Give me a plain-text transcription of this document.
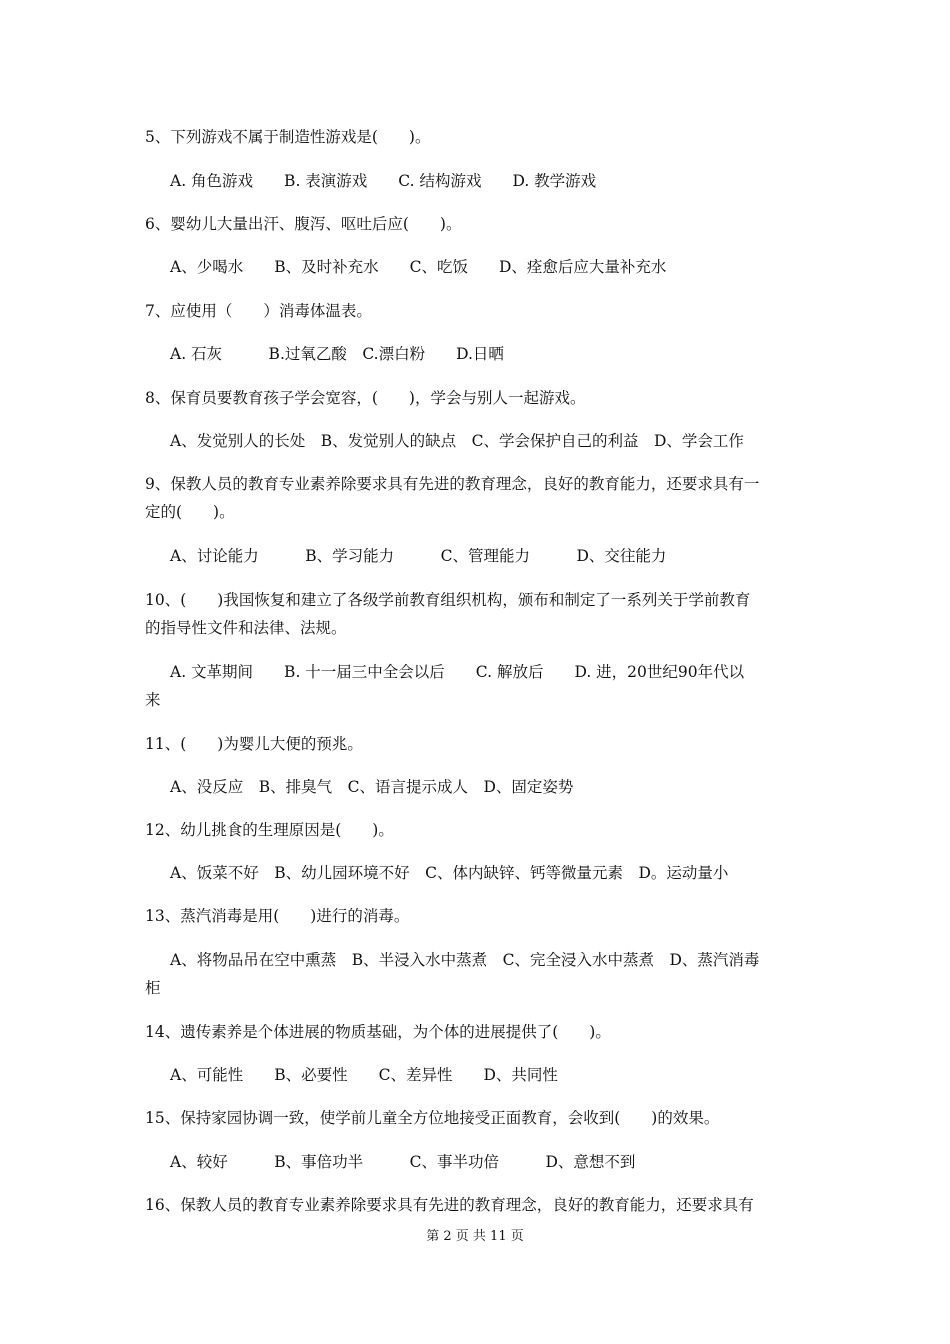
5、下列游戏不属于制造性游戏是(　　)。
A. 角色游戏　　B. 表演游戏　　C. 结构游戏　　D. 教学游戏
6、婴幼儿大量出汗、腹泻、呕吐后应(　　)。
A、少喝水　　B、及时补充水　　C、吃饭　　D、痊愈后应大量补充水
7、应使用（　　）消毒体温表。
A. 石灰　　　B.过氧乙酸　C.漂白粉　　D.日晒
8、保育员要教育孩子学会宽容，(　　)，学会与别人一起游戏。
A、发觉别人的长处　B、发觉别人的缺点　C、学会保护自己的利益　D、学会工作
9、保教人员的教育专业素养除要求具有先进的教育理念，良好的教育能力，还要求具有一
定的(　　)。
A、讨论能力　　　B、学习能力　　　C、管理能力　　　D、交往能力
10、(　　)我国恢复和建立了各级学前教育组织机构，颁布和制定了一系列关于学前教育
的指导性文件和法律、法规。
A. 文革期间　　B. 十一届三中全会以后　　C. 解放后　　D. 进，20世纪90年代以
来
11、(　　)为婴儿大便的预兆。
A、没反应　B、排臭气　C、语言提示成人　D、固定姿势
12、幼儿挑食的生理原因是(　　)。
A、饭菜不好　B、幼儿园环境不好　C、体内缺锌、钙等微量元素　D。运动量小
13、蒸汽消毒是用(　　)进行的消毒。
A、将物品吊在空中熏蒸　B、半浸入水中蒸煮　C、完全浸入水中蒸煮　D、蒸汽消毒
柜
14、遗传素养是个体进展的物质基础，为个体的进展提供了(　　)。
A、可能性　　B、必要性　　C、差异性　　D、共同性
15、保持家园协调一致，使学前儿童全方位地接受正面教育，会收到(　　)的效果。
A、较好　　　B、事倍功半　　　C、事半功倍　　　D、意想不到
16、保教人员的教育专业素养除要求具有先进的教育理念，良好的教育能力，还要求具有
第 2 页 共 11 页
